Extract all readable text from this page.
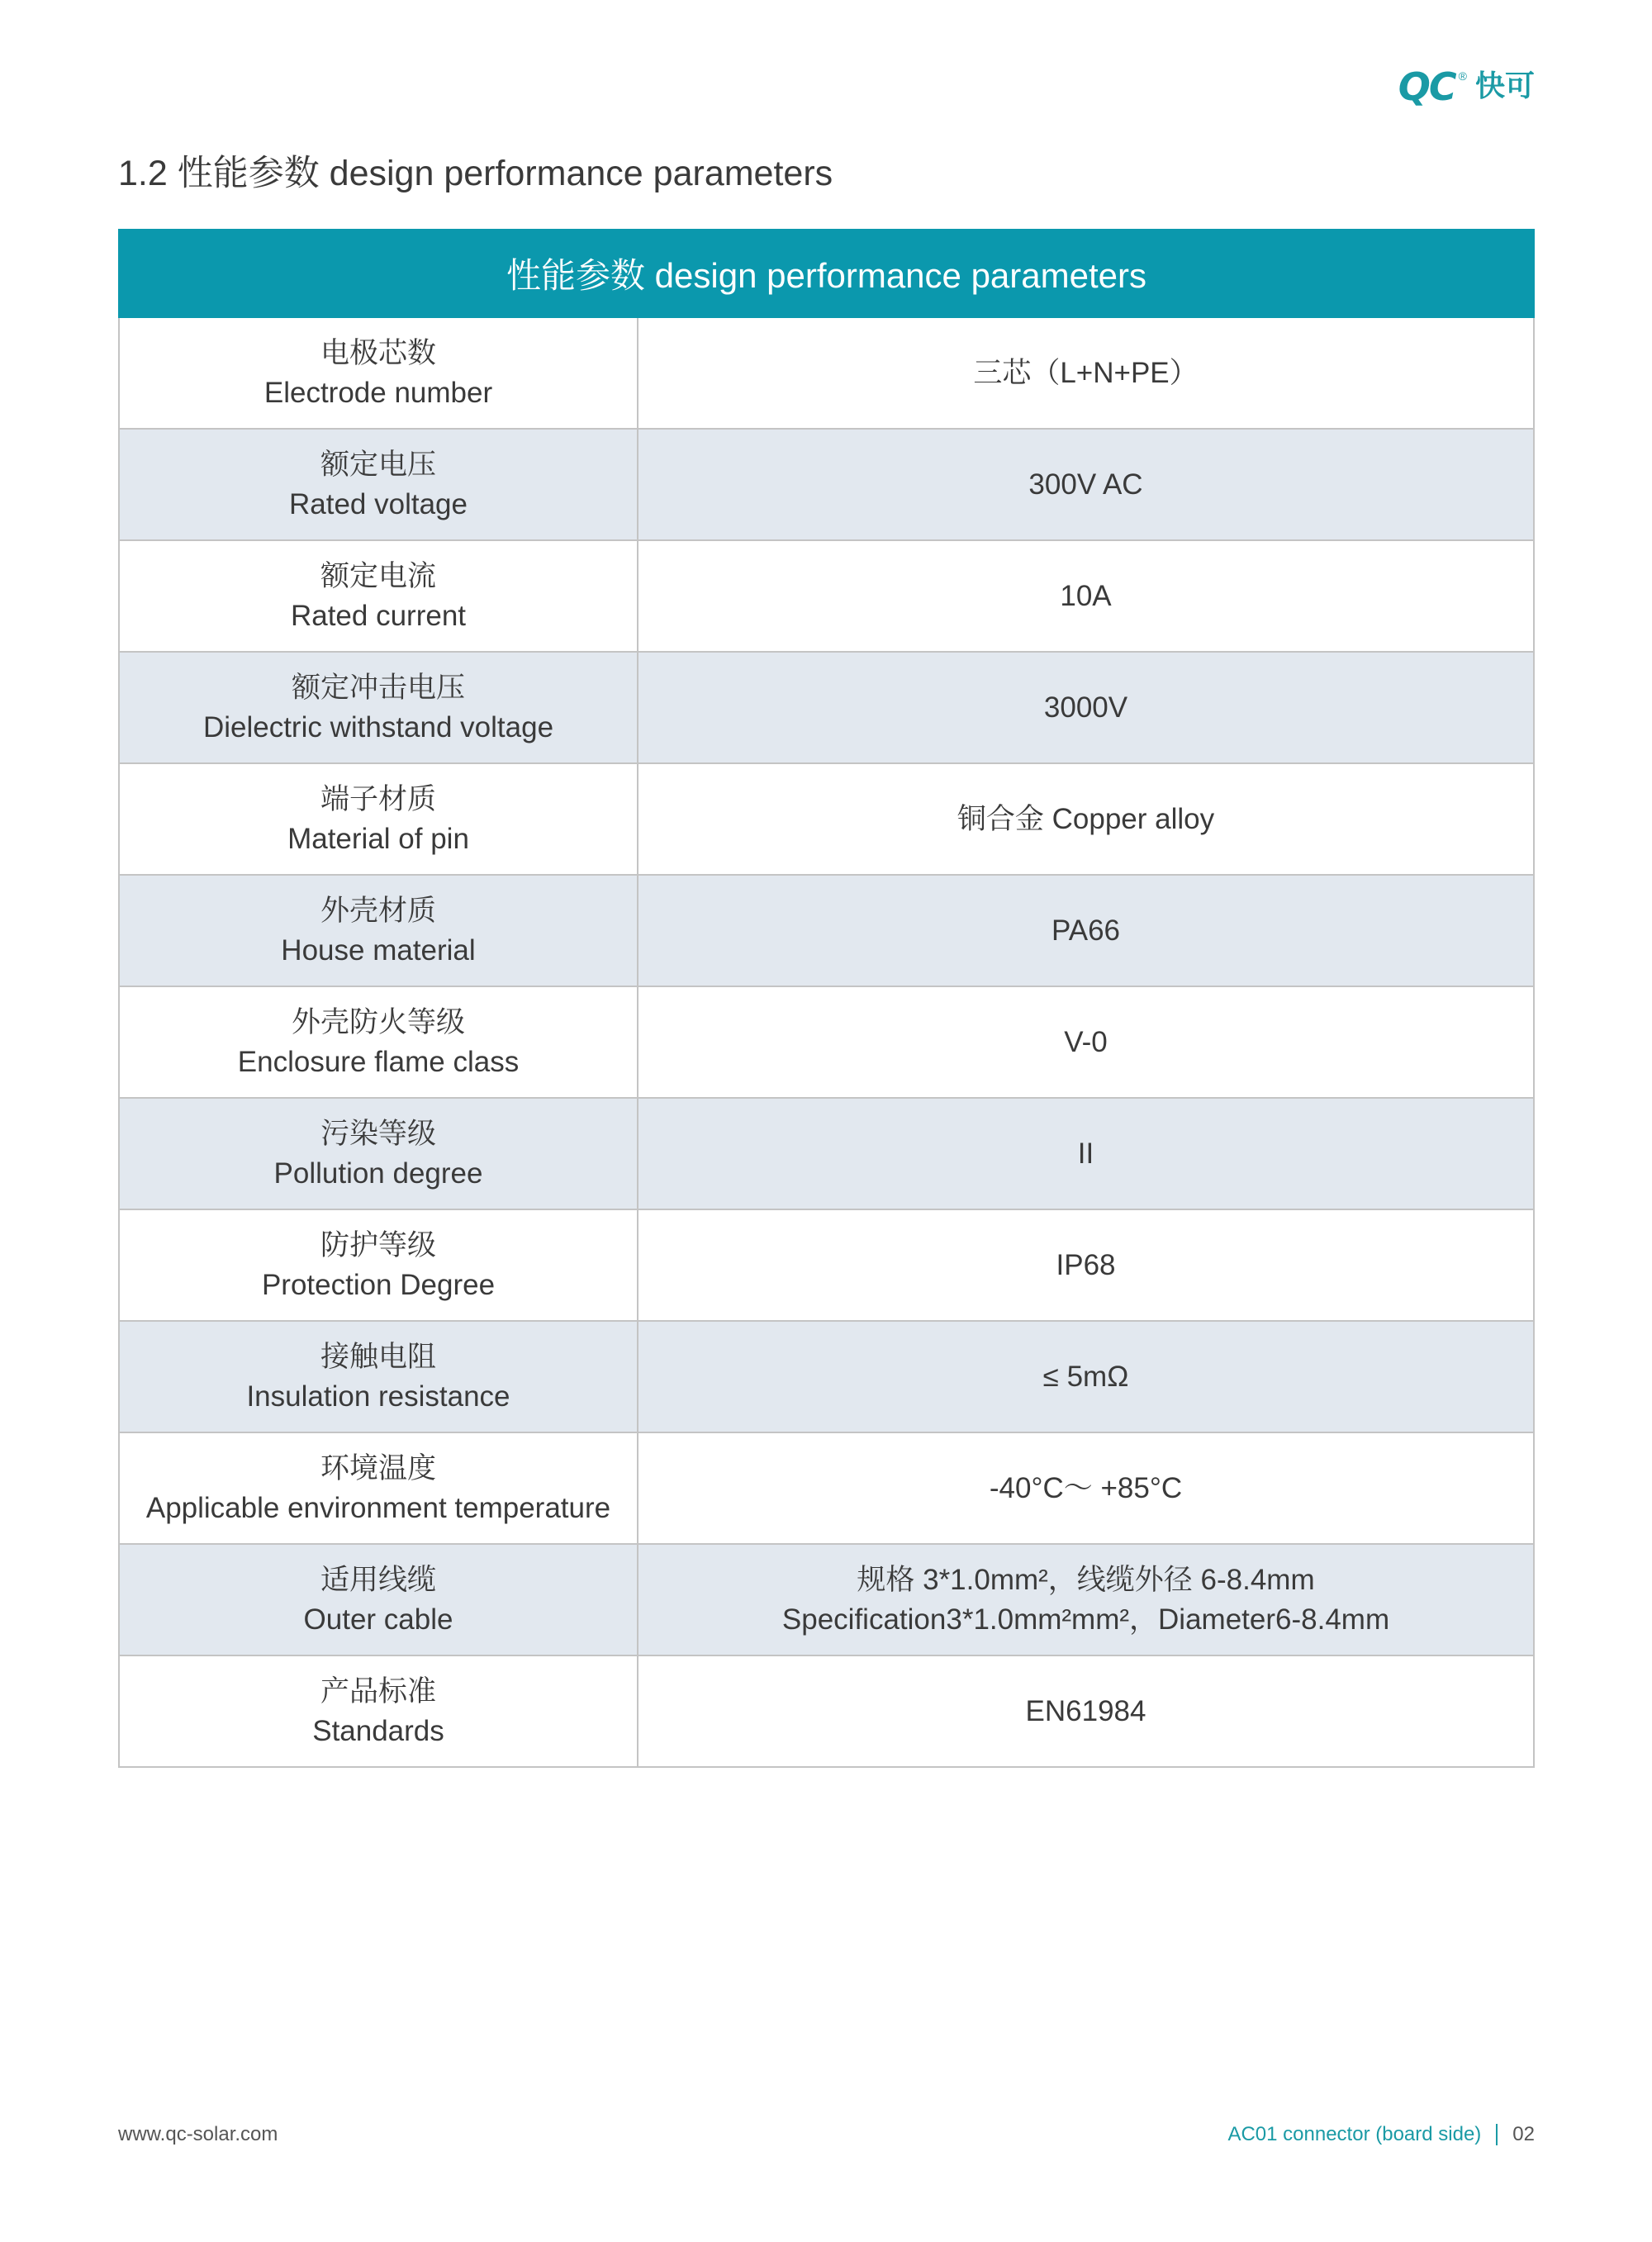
QC ® 快可
1.2 性能参数 design performance parameters
性能参数 design performance parameters	

电极芯数
Electrode number	三芯（L+N+PE）

额定电压
Rated voltage	300V AC

额定电流
Rated current	10A

额定冲击电压
Dielectric withstand voltage	3000V

端子材质
Material of pin	铜合金 Copper alloy

外壳材质
House material	PA66

外壳防火等级
Enclosure flame class	V-0

污染等级
Pollution degree	II

防护等级
Protection Degree	IP68

接触电阻
Insulation resistance	≤ 5mΩ

环境温度
Applicable environment temperature	-40°C～ +85°C

适用线缆
Outer cable	规格 3*1.0mm²，线缆外径 6-8.4mm
Specification3*1.0mm²mm²，Diameter6-8.4mm

产品标准
Standards	EN61984
www.qc-solar.com	AC01 connector (board side) 02
